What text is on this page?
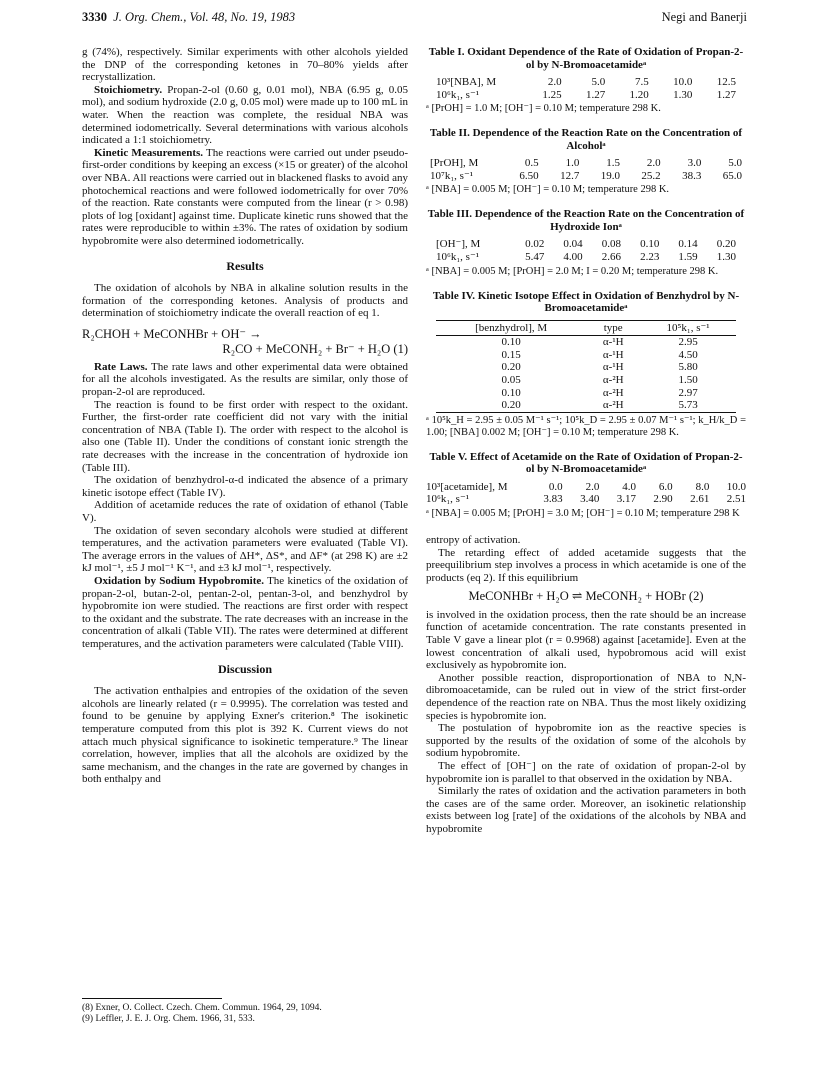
3330 J. Org. Chem., Vol. 48, No. 19, 1983	Negi and Banerji

g (74%), respectively. Similar experiments with other alcohols yielded the DNP of the corresponding ketones in 70–80% yields after recrystallization.

Stoichiometry. Propan-2-ol (0.60 g, 0.01 mol), NBA (6.95 g, 0.05 mol), and sodium hydroxide (2.0 g, 0.05 mol) were made up to 100 mL in water. When the reaction was complete, the residual NBA was determined iodometrically. Several determinations with various alcohols indicated a 1:1 stoichiometry.

Kinetic Measurements. The reactions were carried out under pseudo-first-order conditions by keeping an excess (×15 or greater) of the alcohol over NBA. All reactions were carried out in blackened flasks to avoid any photochemical reactions and were followed iodometrically for over 70% of the reaction. Rate constants were computed from the linear (r > 0.98) plots of log [oxidant] against time. Duplicate kinetic runs showed that the rates were reproducible to within ±3%. The rates of oxidation by sodium hypobromite were also determined iodometrically.

Results

The oxidation of alcohols by NBA in alkaline solution results in the formation of the corresponding ketones. Analysis of products and determination of stoichiometry indicate the overall reaction of eq 1.

R₂CHOH + MeCONHBr + OH⁻ →
R₂CO + MeCONH₂ + Br⁻ + H₂O (1)

Rate Laws. The rate laws and other experimental data were obtained for all the alcohols investigated. As the results are similar, only those of propan-2-ol are reproduced.

The reaction is found to be first order with respect to the oxidant. Further, the first-order rate coefficient did not vary with the initial concentration of NBA (Table I). The order with respect to the alcohol is also one (Table II). Under the conditions of constant ionic strength the rate decreases with the increase in the concentration of hydroxide ion (Table III).

The oxidation of benzhydrol-α-d indicated the absence of a primary kinetic isotope effect (Table IV).

Addition of acetamide reduces the rate of oxidation of ethanol (Table V).

The oxidation of seven secondary alcohols were studied at different temperatures, and the activation parameters were evaluated (Table VI). The average errors in the values of ΔH*, ΔS*, and ΔF* (at 298 K) are ±2 kJ mol⁻¹, ±5 J mol⁻¹ K⁻¹, and ±3 kJ mol⁻¹, respectively.

Oxidation by Sodium Hypobromite. The kinetics of the oxidation of propan-2-ol, butan-2-ol, pentan-2-ol, pentan-3-ol, and benzhydrol by hypobromite ion were studied. The reactions are first order with respect to the oxidant and the substrate. The rate decreases with an increase in the concentration of alkali (Table VII). The rates were determined at different temperatures, and the activation parameters were calculated (Table VIII).

Discussion

The activation enthalpies and entropies of the oxidation of the seven alcohols are linearly related (r = 0.9995). The correlation was tested and found to be genuine by applying Exner's criterion.⁸ The isokinetic temperature computed from this plot is 392 K. Current views do not attach much physical significance to isokinetic temperature.⁹ The linear correlation, however, implies that all the alcohols are oxidized by the same mechanism, and the changes in the rate are governed by changes in both enthalpy and

(8) Exner, O. Collect. Czech. Chem. Commun. 1964, 29, 1094.
(9) Leffler, J. E. J. Org. Chem. 1966, 31, 533.
Table I. Oxidant Dependence of the Rate of Oxidation of Propan-2-ol by N-Bromoacetamideᵃ
10³[NBA], M	2.0	5.0	7.5	10.0	12.5
10⁶k₁, s⁻¹	1.25	1.27	1.20	1.30	1.27
ᵃ [PrOH] = 1.0 M; [OH⁻] = 0.10 M; temperature 298 K.
Table II. Dependence of the Reaction Rate on the Concentration of Alcoholᵃ
[PrOH], M	0.5	1.0	1.5	2.0	3.0	5.0
10⁷k₁, s⁻¹	6.50	12.7	19.0	25.2	38.3	65.0
ᵃ [NBA] = 0.005 M; [OH⁻] = 0.10 M; temperature 298 K.
Table III. Dependence of the Reaction Rate on the Concentration of Hydroxide Ionᵃ
[OH⁻], M	0.02	0.04	0.08	0.10	0.14	0.20
10⁶k₁, s⁻¹	5.47	4.00	2.66	2.23	1.59	1.30
ᵃ [NBA] = 0.005 M; [PrOH] = 2.0 M; I = 0.20 M; temperature 298 K.
Table IV. Kinetic Isotope Effect in Oxidation of Benzhydrol by N-Bromoacetamideᵃ
[benzhydrol], M	type	10⁵k₁, s⁻¹
0.10	α-¹H	2.95
0.15	α-¹H	4.50
0.20	α-¹H	5.80
0.05	α-²H	1.50
0.10	α-²H	2.97
0.20	α-²H	5.73
ᵃ 10⁵k_H = 2.95 ± 0.05 M⁻¹ s⁻¹; 10⁵k_D = 2.95 ± 0.07 M⁻¹ s⁻¹; k_H/k_D = 1.00; [NBA] 0.002 M; [OH⁻] = 0.10 M; temperature 298 K.
Table V. Effect of Acetamide on the Rate of Oxidation of Propan-2-ol by N-Bromoacetamideᵃ
10³[acetamide], M	0.0	2.0	4.0	6.0	8.0	10.0
10⁶k₁, s⁻¹	3.83	3.40	3.17	2.90	2.61	2.51
ᵃ [NBA] = 0.005 M; [PrOH] = 3.0 M; [OH⁻] = 0.10 M; temperature 298 K

entropy of activation.

The retarding effect of added acetamide suggests that the preequilibrium step involves a process in which acetamide is one of the products (eq 2). If this equilibrium

MeCONHBr + H₂O ⇌ MeCONH₂ + HOBr (2)

is involved in the oxidation process, then the rate should be an increase function of acetamide concentration. The rate constants presented in Table V gave a linear plot (r = 0.9968) against [acetamide]. Even at the lowest concentration of alkali used, hypobromous acid will exist exclusively as hypobromite ion.

Another possible reaction, disproportionation of NBA to N,N-dibromoacetamide, can be ruled out in view of the strict first-order dependence of the reaction rate on NBA. Thus the most likely oxidizing species is hypobromite ion.

The postulation of hypobromite ion as the reactive species is supported by the results of the oxidation of some of the alcohols by sodium hypobromite.

The effect of [OH⁻] on the rate of oxidation of propan-2-ol by hypobromite ion is parallel to that observed in the oxidation by NBA.

Similarly the rates of oxidation and the activation parameters in both the cases are of the same order. Moreover, an isokinetic relationship exists between log [rate] of the oxidations of the alcohols by NBA and hypobromite
